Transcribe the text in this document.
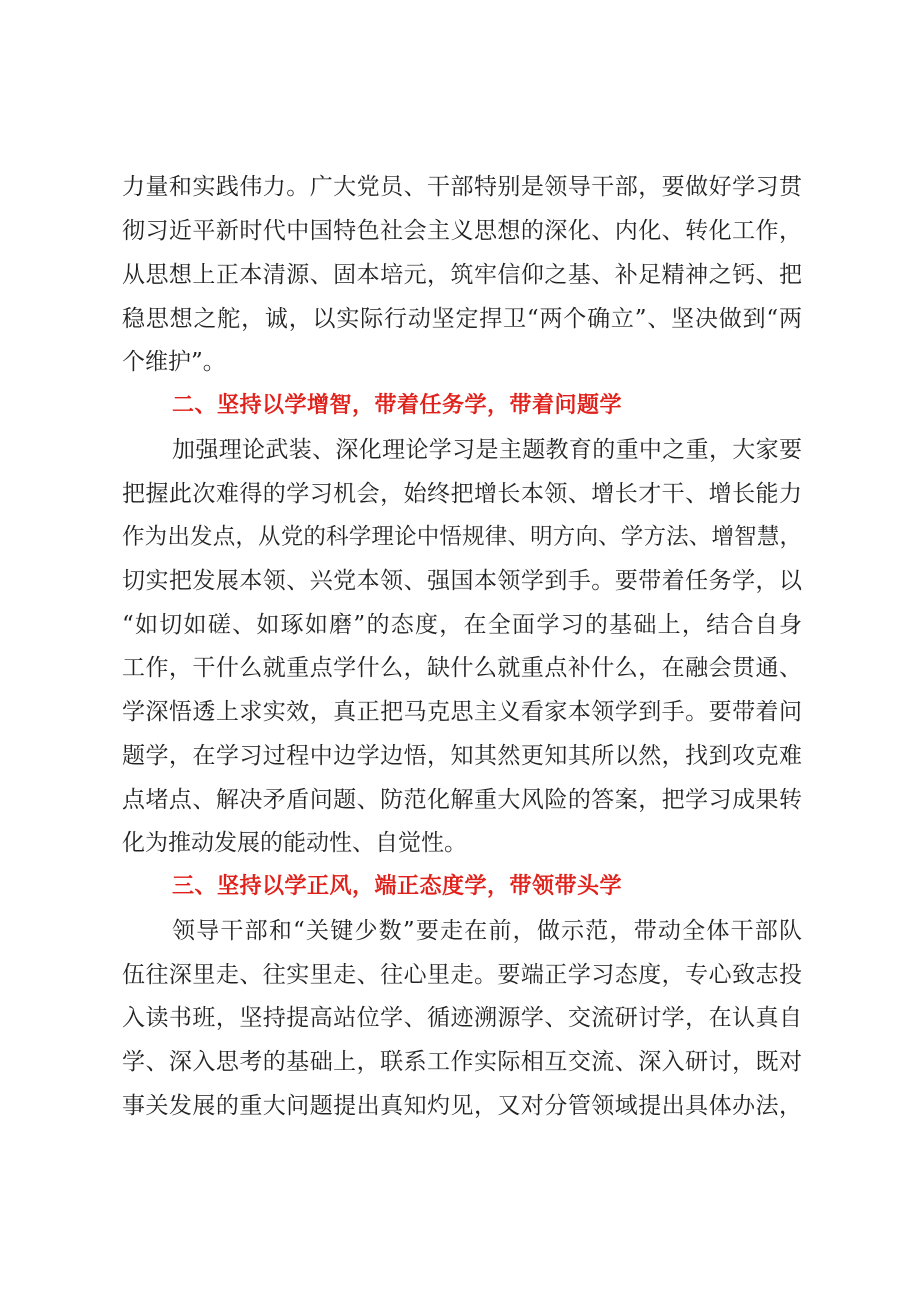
力量和实践伟力。广大党员、干部特别是领导干部，要做好学习贯
彻习近平新时代中国特色社会主义思想的深化、内化、转化工作，
从思想上正本清源、固本培元，筑牢信仰之基、补足精神之钙、把
稳思想之舵，诚，以实际行动坚定捍卫“两个确立”、坚决做到“两
个维护”。
二、坚持以学增智，带着任务学，带着问题学
加强理论武装、深化理论学习是主题教育的重中之重，大家要
把握此次难得的学习机会，始终把增长本领、增长才干、增长能力
作为出发点，从党的科学理论中悟规律、明方向、学方法、增智慧，
切实把发展本领、兴党本领、强国本领学到手。要带着任务学，以
“如切如磋、如琢如磨”的态度，在全面学习的基础上，结合自身
工作，干什么就重点学什么，缺什么就重点补什么，在融会贯通、
学深悟透上求实效，真正把马克思主义看家本领学到手。要带着问
题学，在学习过程中边学边悟，知其然更知其所以然，找到攻克难
点堵点、解决矛盾问题、防范化解重大风险的答案，把学习成果转
化为推动发展的能动性、自觉性。
三、坚持以学正风，端正态度学，带领带头学
领导干部和“关键少数”要走在前，做示范，带动全体干部队
伍往深里走、往实里走、往心里走。要端正学习态度，专心致志投
入读书班，坚持提高站位学、循迹溯源学、交流研讨学，在认真自
学、深入思考的基础上，联系工作实际相互交流、深入研讨，既对
事关发展的重大问题提出真知灼见，又对分管领域提出具体办法，
